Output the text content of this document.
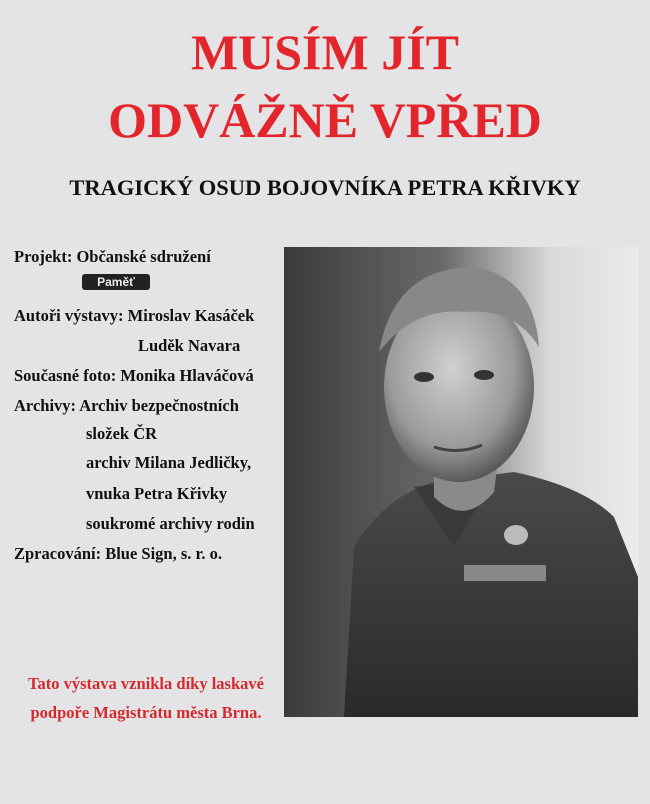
MUSÍM JÍT
ODVÁŽNĚ VPŘED
TRAGICKÝ OSUD BOJOVNÍKA PETRA KŘIVKY
Projekt: Občanské sdružení
Paměť
Autoři výstavy: Miroslav Kasáček
Luděk Navara
Současné foto: Monika Hlaváčová
Archivy: Archiv bezpečnostních
složek ČR
archiv Milana Jedličky,
vnuka Petra Křivky
soukromé archivy rodin
Zpracování: Blue Sign, s. r. o.
Tato výstava vznikla díky laskavé
podpoře Magistrátu města Brna.
